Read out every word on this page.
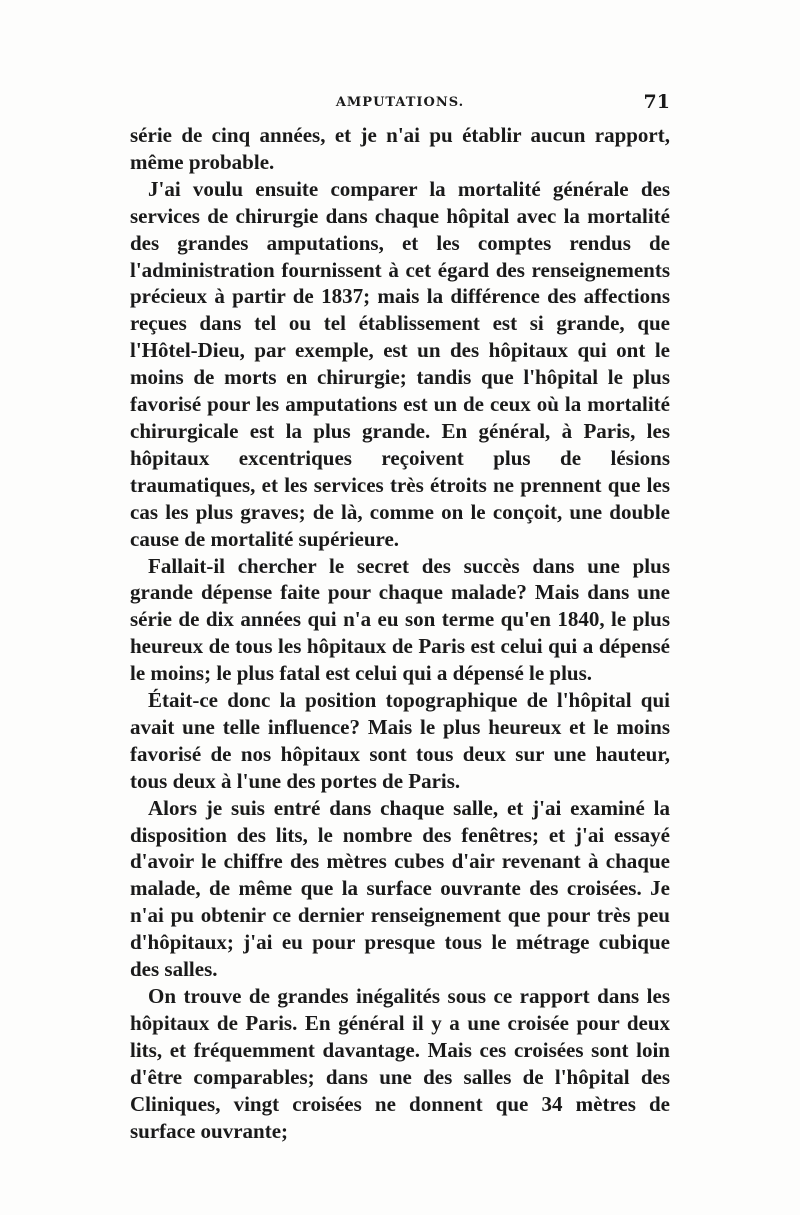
AMPUTATIONS.	71

série de cinq années, et je n'ai pu établir aucun rapport, même probable.

J'ai voulu ensuite comparer la mortalité générale des services de chirurgie dans chaque hôpital avec la mortalité des grandes amputations, et les comptes rendus de l'administration fournissent à cet égard des renseignements précieux à partir de 1837; mais la différence des affections reçues dans tel ou tel établissement est si grande, que l'Hôtel-Dieu, par exemple, est un des hôpitaux qui ont le moins de morts en chirurgie; tandis que l'hôpital le plus favorisé pour les amputations est un de ceux où la mortalité chirurgicale est la plus grande. En général, à Paris, les hôpitaux excentriques reçoivent plus de lésions traumatiques, et les services très étroits ne prennent que les cas les plus graves; de là, comme on le conçoit, une double cause de mortalité supérieure.

Fallait-il chercher le secret des succès dans une plus grande dépense faite pour chaque malade? Mais dans une série de dix années qui n'a eu son terme qu'en 1840, le plus heureux de tous les hôpitaux de Paris est celui qui a dépensé le moins; le plus fatal est celui qui a dépensé le plus.

Était-ce donc la position topographique de l'hôpital qui avait une telle influence? Mais le plus heureux et le moins favorisé de nos hôpitaux sont tous deux sur une hauteur, tous deux à l'une des portes de Paris.

Alors je suis entré dans chaque salle, et j'ai examiné la disposition des lits, le nombre des fenêtres; et j'ai essayé d'avoir le chiffre des mètres cubes d'air revenant à chaque malade, de même que la surface ouvrante des croisées. Je n'ai pu obtenir ce dernier renseignement que pour très peu d'hôpitaux; j'ai eu pour presque tous le métrage cubique des salles.

On trouve de grandes inégalités sous ce rapport dans les hôpitaux de Paris. En général il y a une croisée pour deux lits, et fréquemment davantage. Mais ces croisées sont loin d'être comparables; dans une des salles de l'hôpital des Cliniques, vingt croisées ne donnent que 34 mètres de surface ouvrante;
